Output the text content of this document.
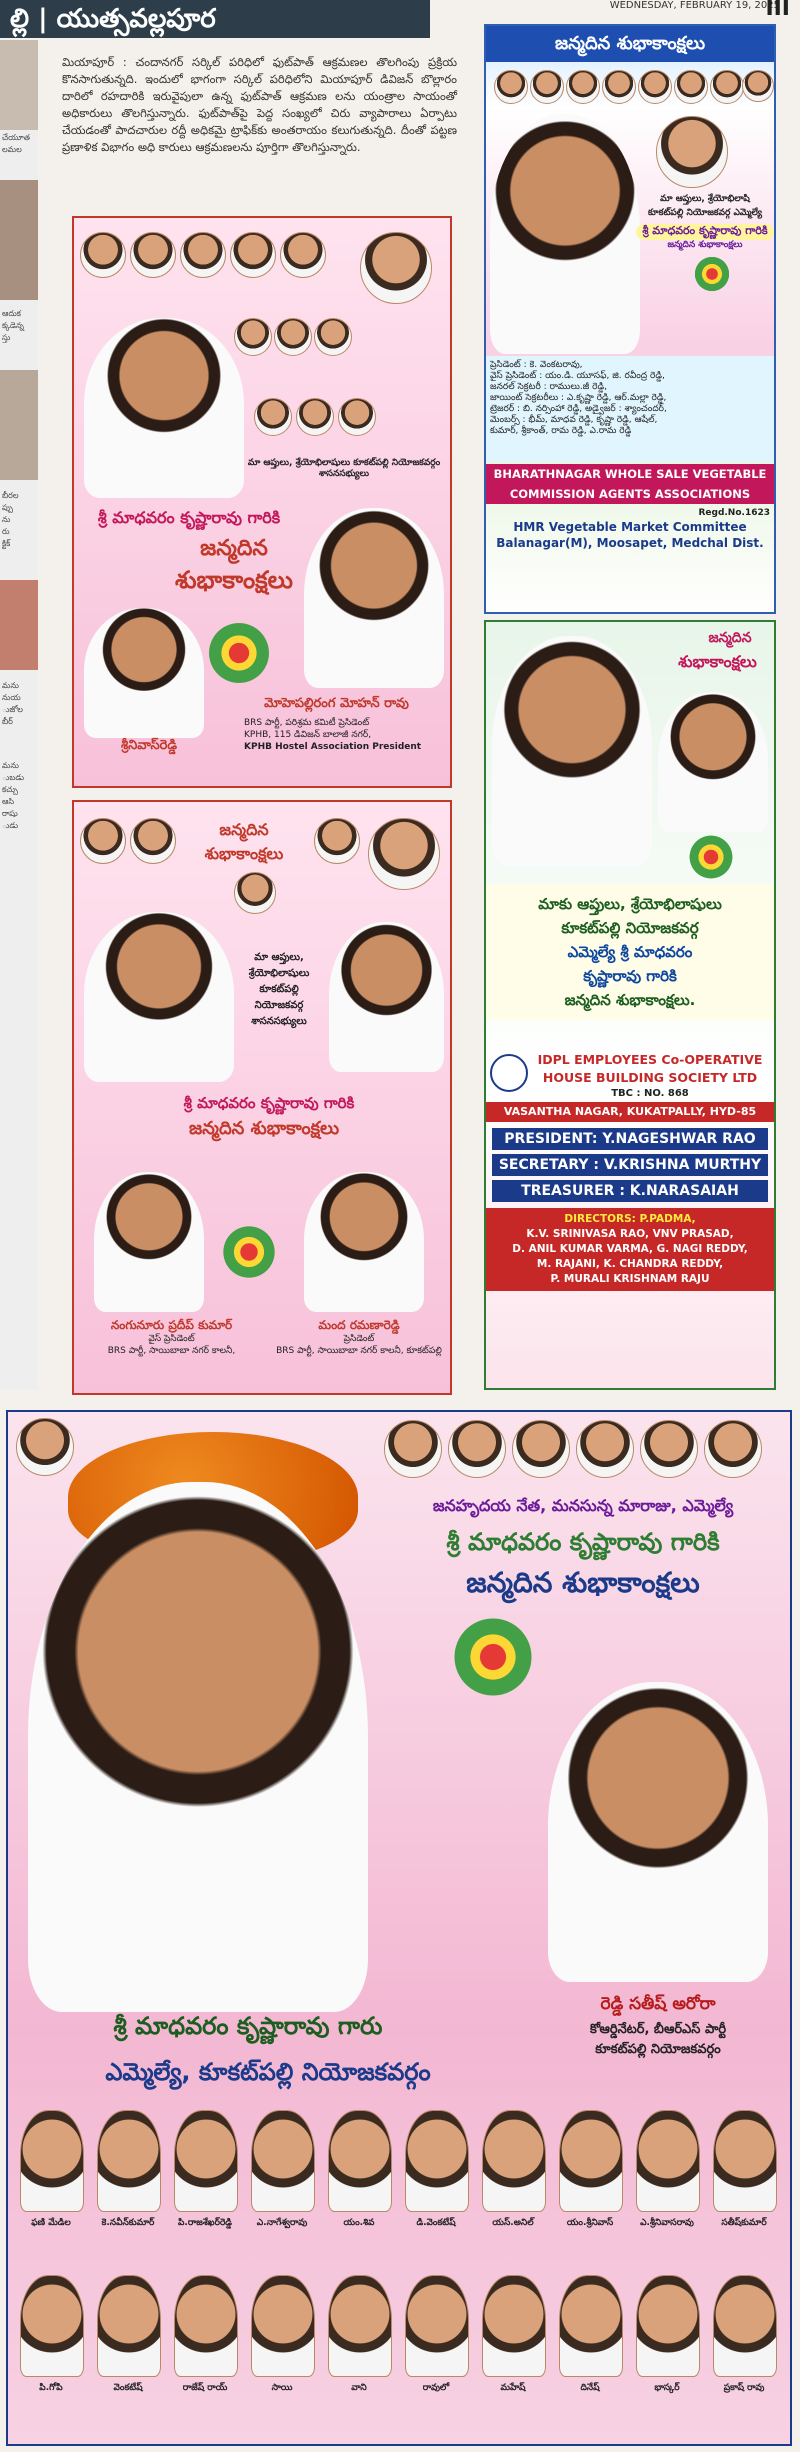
ల్లి | యుత్సవల్లపూర	WEDNESDAY, FEBRUARY 19, 2025
III
చేయూత
లమల
ఆదుక
క్కడెన్న
స్తు
బీరల
ప్పు
ను
రు
క్టిక్
మను
నుయ
ుజోల
బీర్
మను
ుబడు
కచ్చు
ఆసి
రాషు
ుడు
మియాపూర్ : చందానగర్ సర్కిల్ పరిధిలో ఫుట్‌పాత్ ఆక్రమణల తొలగింపు ప్రక్రియ కొనసాగుతున్నది. ఇందులో భాగంగా సర్కిల్ పరిధిలోని మియాపూర్ డివిజన్ బొల్లారం దారిలో రహదారికి ఇరువైపులా ఉన్న ఫుట్‌పాత్ ఆక్రమణ లను యంత్రాల సాయంతో అధికారులు తొలగిస్తున్నారు. ఫుట్‌పాత్‌పై పెద్ద సంఖ్యలో చిరు వ్యాపారాలు ఏర్పాటు చేయడంతో పాదచారుల రద్దీ అధికమై ట్రాఫిక్‌కు అంతరాయం కలుగుతున్నది. దీంతో పట్టణ ప్రణాళిక విభాగం అధి కారులు ఆక్రమణలను పూర్తిగా తొలగిస్తున్నారు.
మా ఆప్తులు, శ్రేయోభిలాషులు కూకట్‌పల్లి నియోజకవర్గం శాసనసభ్యులు
శ్రీ మాధవరం కృష్ణారావు గారికి
జన్మదిన
శుభాకాంక్షలు
శ్రీనివాస్‌రెడ్డి
మోహెపల్లిరంగ మోహన్ రావు
BRS పార్టీ, పరిశ్రమ కమిటీ ప్రెసిడెంట్
KPHB, 115 డివిజన్ బాలాజీ నగర్,
KPHB Hostel Association President
జన్మదిన
శుభాకాంక్షలు
మా ఆప్తులు, శ్రేయోభిలాషులు కూకట్‌పల్లి నియోజకవర్గ శాసనసభ్యులు
శ్రీ మాధవరం కృష్ణారావు గారికి
జన్మదిన శుభాకాంక్షలు
నంగునూరు ప్రదీప్ కుమార్
వైస్ ప్రెసిడెంట్
BRS పార్టీ, సాయిబాబా నగర్ కాలనీ,
మంద రమణారెడ్డి
ప్రెసిడెంట్
BRS పార్టీ, సాయిబాబా నగర్ కాలనీ, కూకట్‌పల్లి
జన్మదిన శుభాకాంక్షలు
మా ఆప్తులు, శ్రేయోభిలాషి
కూకట్‌పల్లి నియోజకవర్గ ఎమ్మెల్యే
శ్రీ మాధవరం కృష్ణారావు గారికి
జన్మదిన శుభాకాంక్షలు
ప్రెసిడెంట్ : కె. వెంకటరావు,
వైస్ ప్రెసిడెంట్ : యం.డి. యూసఫ్, జి. రవీంద్ర రెడ్డి,
జనరల్ సెక్రటరీ : రాములు.జీ రెడ్డి,
జాయింట్ సెక్రటరీలు : ఎ.కృష్ణా రెడ్డి, ఆర్.మల్లా రెడ్డి,
ట్రెజరర్ : బి. నర్సింహా రెడ్డి, అడ్వైజర్ : శ్యాం‌చందర్,
మెంబర్స్ : భీమ్, మాధవ రెడ్డి, కృష్ణా రెడ్డి, ఆషేల్,
కుమార్, శ్రీకాంత్, రామ రెడ్డి, ఎ.రామ రెడ్డి
BHARATHNAGAR WHOLE SALE VEGETABLE
COMMISSION AGENTS ASSOCIATIONS
Regd.No.1623
HMR Vegetable Market Committee
Balanagar(M), Moosapet, Medchal Dist.
జన్మదిన
శుభాకాంక్షలు
మాకు ఆప్తులు, శ్రేయోభిలాషులు
కూకట్‌పల్లి నియోజకవర్గ
ఎమ్మెల్యే శ్రీ మాధవరం
కృష్ణారావు గారికి
జన్మదిన శుభాకాంక్షలు.
IDPL EMPLOYEES Co-OPERATIVE
HOUSE BUILDING SOCIETY LTD
TBC : NO. 868
VASANTHA NAGAR, KUKATPALLY, HYD-85
PRESIDENT: Y.NAGESHWAR RAO
SECRETARY : V.KRISHNA MURTHY
TREASURER : K.NARASAIAH
DIRECTORS: P.PADMA,
K.V. SRINIVASA RAO, VNV PRASAD,
D. ANIL KUMAR VARMA, G. NAGI REDDY,
M. RAJANI, K. CHANDRA REDDY,
P. MURALI KRISHNAM RAJU
జనహృదయ నేత, మనసున్న మారాజు, ఎమ్మెల్యే
శ్రీ మాధవరం కృష్ణారావు గారికి
జన్మదిన శుభాకాంక్షలు
శ్రీ మాధవరం కృష్ణారావు గారు
ఎమ్మెల్యే, కూకట్‌పల్లి నియోజకవర్గం
రెడ్డి సతీష్ అరోరా
కోఆర్డినేటర్, బీఆర్ఎస్ పార్టీ
కూకట్‌పల్లి నియోజకవర్గం
ఫణి మేడిల	కె.నవీన్‌కుమార్	పి.రాజశేఖర్‌రెడ్డి	ఎ.నాగేశ్వరావు	యం.శివ	డి.వెంకటేష్	యస్.అనిల్	యం.శ్రీనివాస్	ఎ.శ్రీనివాసరావు	సతీష్‌కుమార్
పి.గోపి	వెంకటేష్	రాజేష్ రాయ్	సాయి	వాని	రావులో	మహేష్	దినేష్	భాస్కర్	ప్రకాష్ రావు
